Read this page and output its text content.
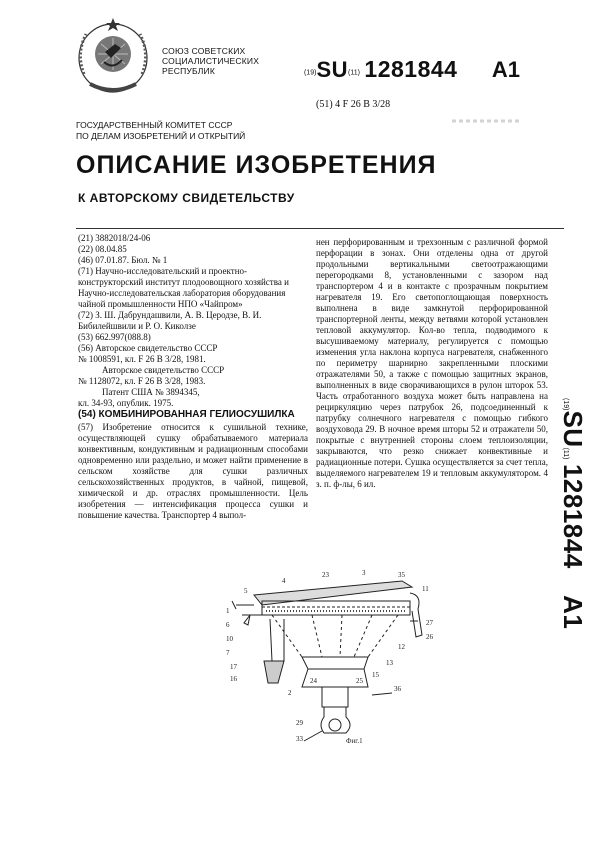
СОЮЗ СОВЕТСКИХ
СОЦИАЛИСТИЧЕСКИХ
РЕСПУБЛИК	(19)SU(11) 1281844 A1
(51) 4 F 26 B 3/28
ГОСУДАРСТВЕННЫЙ КОМИТЕТ СССР
ПО ДЕЛАМ ИЗОБРЕТЕНИЙ И ОТКРЫТИЙ
ОПИСАНИЕ ИЗОБРЕТЕНИЯ
К АВТОРСКОМУ СВИДЕТЕЛЬСТВУ

(21) 3882018/24-06

(22) 08.04.85

(46) 07.01.87. Бюл. № 1

(71) Научно-исследовательский и проектно-конструкторский институт плодоовощного хозяйства и Научно-исследовательская лаборатория оборудования чайной промышленности НПО «Чайпром»

(72) З. Ш. Дабрундашвили, А. В. Церодзе, В. И. Бибилейшвили и Р. О. Киколзе

(53) 662.997(088.8)

(56) Авторское свидетельство СССР

№ 1008591, кл. F 26 B 3/28, 1981.

Авторское свидетельство СССР

№ 1128072, кл. F 26 B 3/28, 1983.

Патент США № 3894345,

кл. 34-93, опублик. 1975.

(54) КОМБИНИРОВАННАЯ ГЕЛИОСУШИЛКА

(57) Изобретение относится к сушильной технике, осуществляющей сушку обрабатываемого материала конвективным, кондуктивным и радиационным способами одновременно или раздельно, и может найти применение в сельском хозяйстве для сушки различных сельскохозяйственных продуктов, в чайной, пищевой, химической и др. отраслях промышленности. Цель изобретения — интенсификация процесса сушки и повышение качества. Транспортер 4 выпол-

нен перфорированным и трехзонным с различной формой перфорации в зонах. Они отделены одна от другой продольными вертикальными светоотражающими перегородками 8, установленными с зазором над транспортером 4 и в контакте с прозрачным покрытием нагревателя 19. Его светопоглощающая поверхность выполнена в виде замкнутой перфорированной транспортерной ленты, между ветвями которой установлен тепловой аккумулятор. Кол-во тепла, подводимого к высушиваемому материалу, регулируется с помощью изменения угла наклона корпуса нагревателя, снабженного по периметру шарнирно закрепленными плоскими отражателями 50, а также с помощью защитных экранов, выполненных в виде сворачивающихся в рулон шторок 53. Часть отработанного воздуха может быть направлена на рециркуляцию через патрубок 26, подсоединенный к патрубку солнечного нагревателя с помощью гибкого воздуховода 29. В ночное время шторы 52 и отражатели 50, покрытые с внутренней стороны слоем теплоизоляции, закрываются, что резко снижает конвективные и радиационные потери. Сушка осуществляется за счет тепла, выделяемого нагревателем 19 и тепловым аккумулятором. 4 з. п. ф-лы, 6 ил.

(19)SU(11) 1281844 A1
5
4
23	3	35
11
1
6
10
7
17
16
2
15
13
12
27
26
36
25
24
29
33	Фиг.1
